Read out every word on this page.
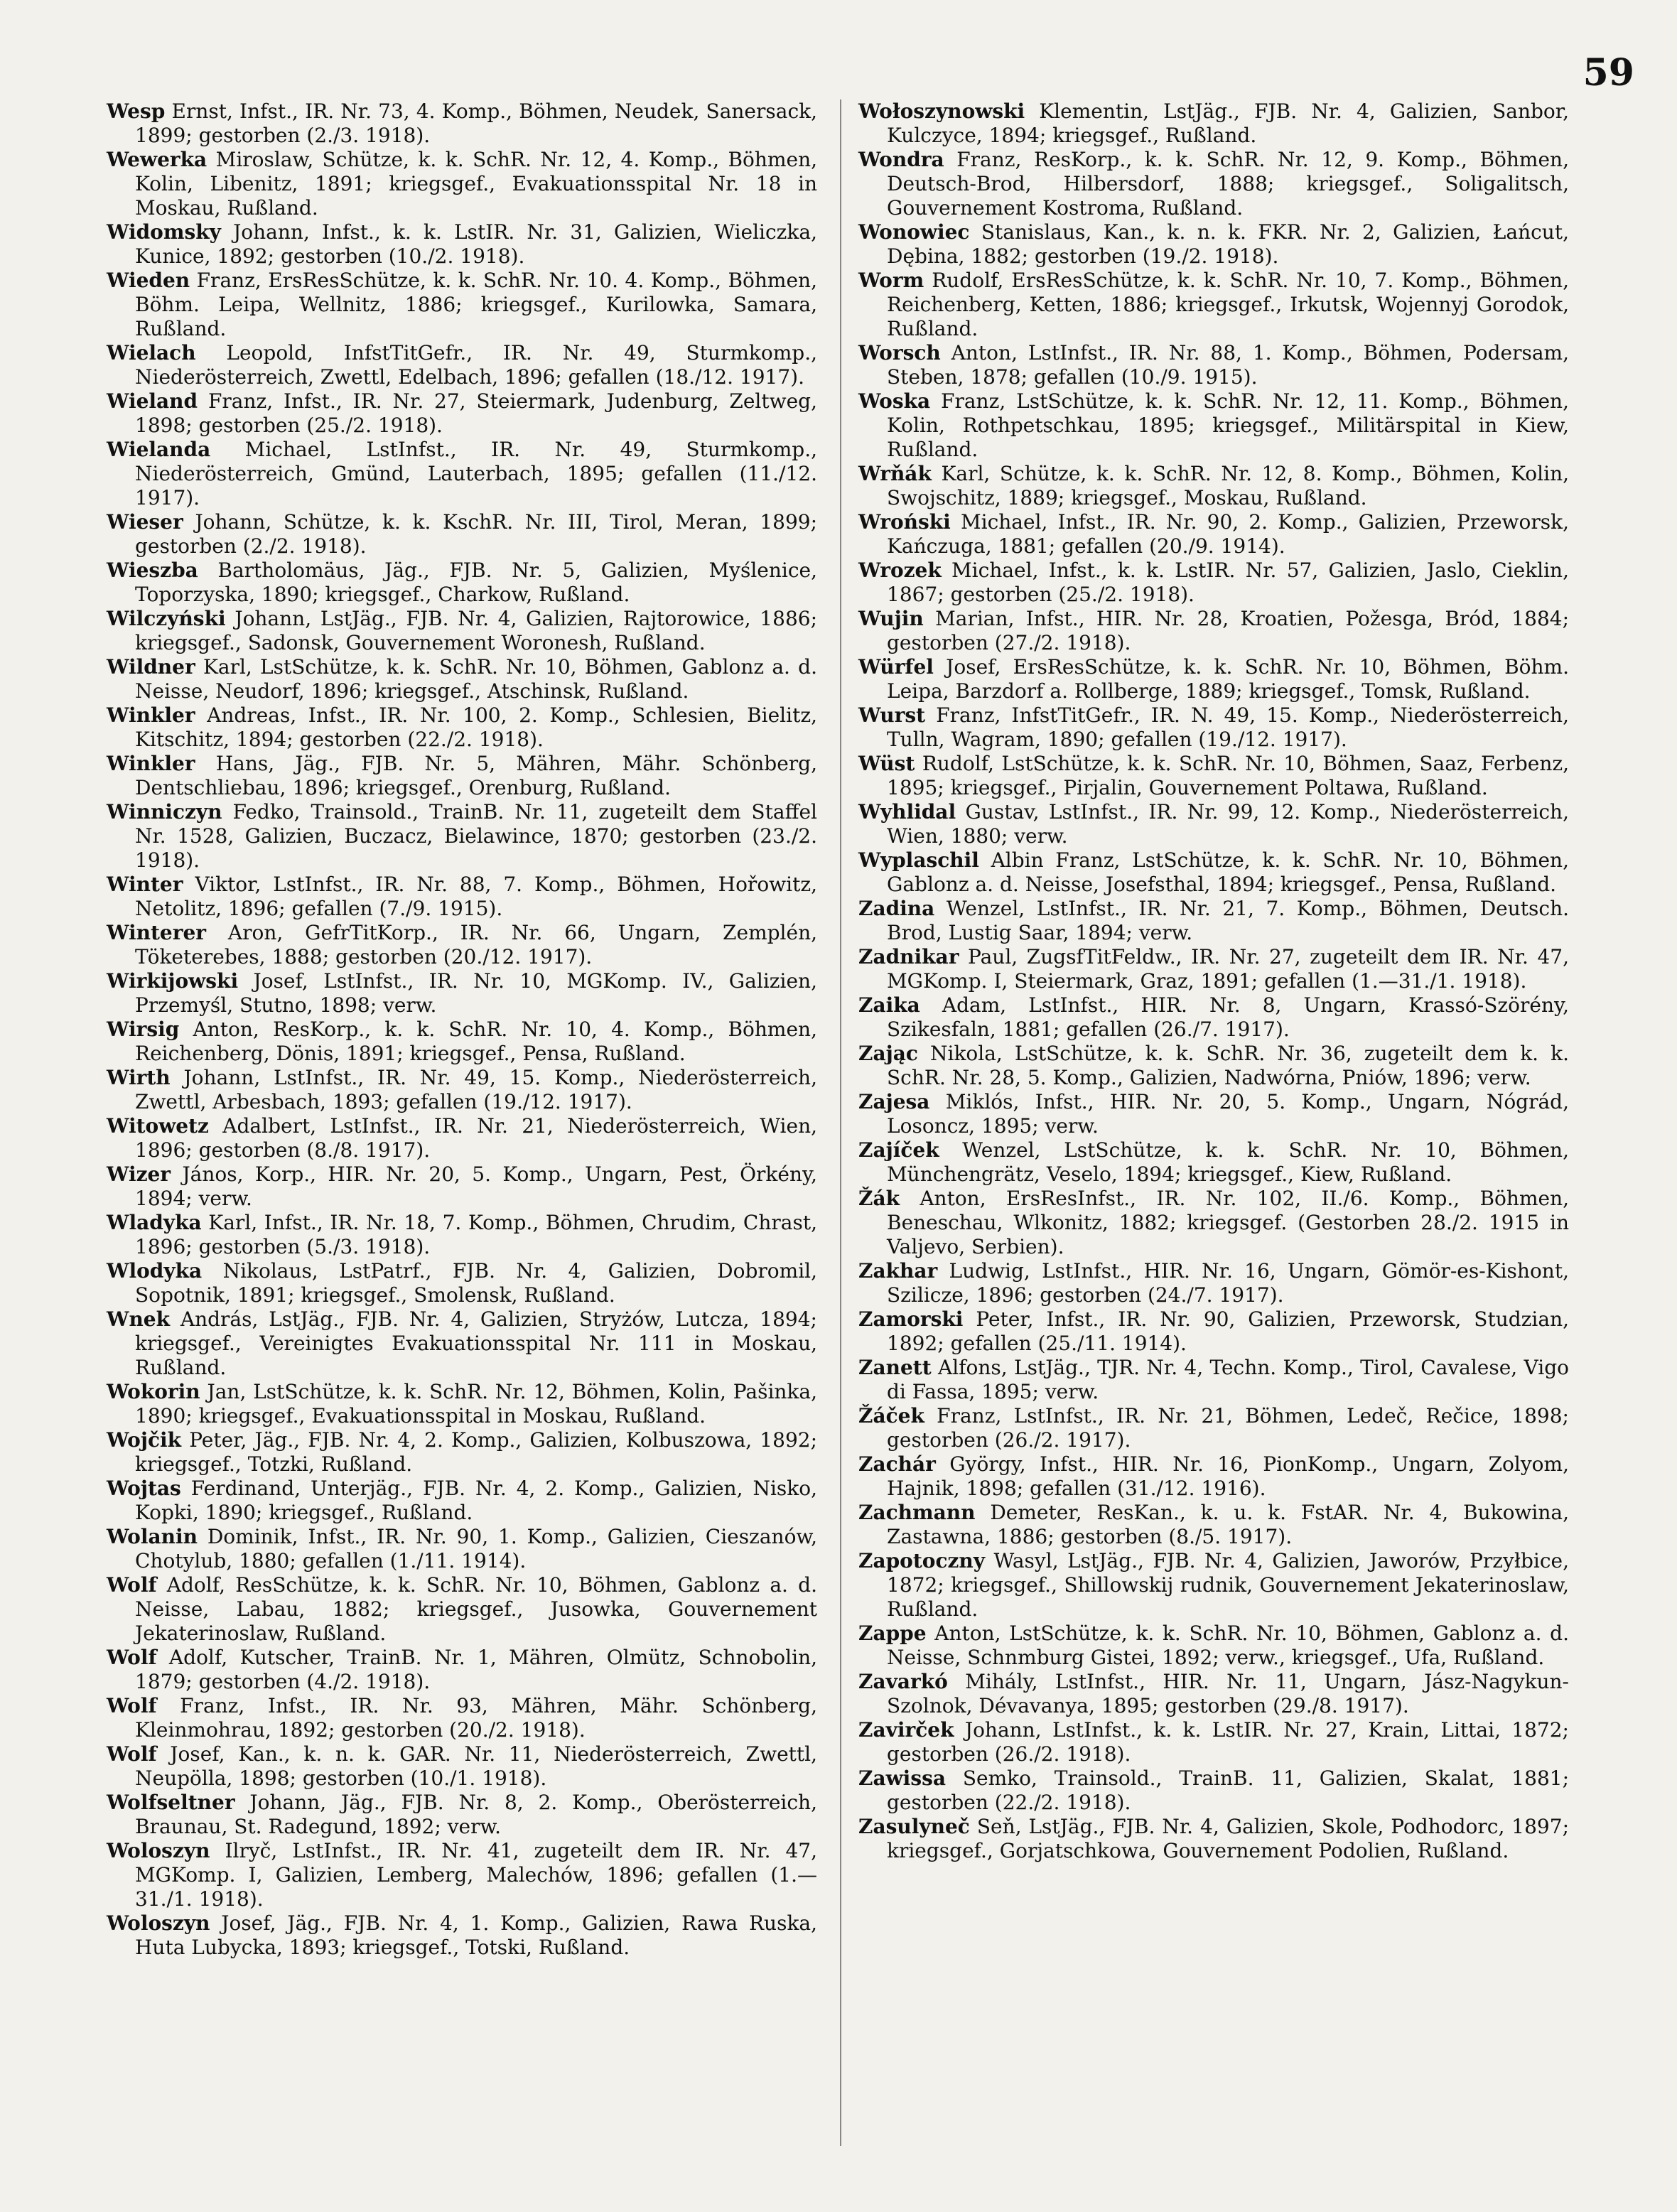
59
Wesp Ernst, Infst., IR. Nr. 73, 4. Komp., Böhmen, Neudek, Sanersack, 1899; gestorben (2./3. 1918).
Wewerka Miroslaw, Schütze, k. k. SchR. Nr. 12, 4. Komp., Böhmen, Kolin, Libenitz, 1891; kriegsgef., Evakuationsspital Nr. 18 in Moskau, Rußland.
Widomsky Johann, Infst., k. k. LstIR. Nr. 31, Galizien, Wieliczka, Kunice, 1892; gestorben (10./2. 1918).
Wieden Franz, ErsResSchütze, k. k. SchR. Nr. 10. 4. Komp., Böhmen, Böhm. Leipa, Wellnitz, 1886; kriegsgef., Kurilowka, Samara, Rußland.
Wielach Leopold, InfstTitGefr., IR. Nr. 49, Sturmkomp., Niederösterreich, Zwettl, Edelbach, 1896; gefallen (18./12. 1917).
Wieland Franz, Infst., IR. Nr. 27, Steiermark, Judenburg, Zeltweg, 1898; gestorben (25./2. 1918).
Wielanda Michael, LstInfst., IR. Nr. 49, Sturmkomp., Niederösterreich, Gmünd, Lauterbach, 1895; gefallen (11./12. 1917).
Wieser Johann, Schütze, k. k. KschR. Nr. III, Tirol, Meran, 1899; gestorben (2./2. 1918).
Wieszba Bartholomäus, Jäg., FJB. Nr. 5, Galizien, Myślenice, Toporzyska, 1890; kriegsgef., Charkow, Rußland.
Wilczyński Johann, LstJäg., FJB. Nr. 4, Galizien, Rajtorowice, 1886; kriegsgef., Sadonsk, Gouvernement Woronesh, Rußland.
Wildner Karl, LstSchütze, k. k. SchR. Nr. 10, Böhmen, Gablonz a. d. Neisse, Neudorf, 1896; kriegsgef., Atschinsk, Rußland.
Winkler Andreas, Infst., IR. Nr. 100, 2. Komp., Schlesien, Bielitz, Kitschitz, 1894; gestorben (22./2. 1918).
Winkler Hans, Jäg., FJB. Nr. 5, Mähren, Mähr. Schönberg, Dentschliebau, 1896; kriegsgef., Orenburg, Rußland.
Winniczyn Fedko, Trainsold., TrainB. Nr. 11, zugeteilt dem Staffel Nr. 1528, Galizien, Buczacz, Bielawince, 1870; gestorben (23./2. 1918).
Winter Viktor, LstInfst., IR. Nr. 88, 7. Komp., Böhmen, Hořowitz, Netolitz, 1896; gefallen (7./9. 1915).
Winterer Aron, GefrTitKorp., IR. Nr. 66, Ungarn, Zemplén, Töketerebes, 1888; gestorben (20./12. 1917).
Wirkijowski Josef, LstInfst., IR. Nr. 10, MGKomp. IV., Galizien, Przemyśl, Stutno, 1898; verw.
Wirsig Anton, ResKorp., k. k. SchR. Nr. 10, 4. Komp., Böhmen, Reichenberg, Dönis, 1891; kriegsgef., Pensa, Rußland.
Wirth Johann, LstInfst., IR. Nr. 49, 15. Komp., Niederösterreich, Zwettl, Arbesbach, 1893; gefallen (19./12. 1917).
Witowetz Adalbert, LstInfst., IR. Nr. 21, Niederösterreich, Wien, 1896; gestorben (8./8. 1917).
Wizer János, Korp., HIR. Nr. 20, 5. Komp., Ungarn, Pest, Örkény, 1894; verw.
Wladyka Karl, Infst., IR. Nr. 18, 7. Komp., Böhmen, Chrudim, Chrast, 1896; gestorben (5./3. 1918).
Wlodyka Nikolaus, LstPatrf., FJB. Nr. 4, Galizien, Dobromil, Sopotnik, 1891; kriegsgef., Smolensk, Rußland.
Wnek András, LstJäg., FJB. Nr. 4, Galizien, Stryżów, Lutcza, 1894; kriegsgef., Vereinigtes Evakuationsspital Nr. 111 in Moskau, Rußland.
Wokorin Jan, LstSchütze, k. k. SchR. Nr. 12, Böhmen, Kolin, Pašinka, 1890; kriegsgef., Evakuationsspital in Moskau, Rußland.
Wojčik Peter, Jäg., FJB. Nr. 4, 2. Komp., Galizien, Kolbuszowa, 1892; kriegsgef., Totzki, Rußland.
Wojtas Ferdinand, Unterjäg., FJB. Nr. 4, 2. Komp., Galizien, Nisko, Kopki, 1890; kriegsgef., Rußland.
Wolanin Dominik, Infst., IR. Nr. 90, 1. Komp., Galizien, Cieszanów, Chotylub, 1880; gefallen (1./11. 1914).
Wolf Adolf, ResSchütze, k. k. SchR. Nr. 10, Böhmen, Gablonz a. d. Neisse, Labau, 1882; kriegsgef., Jusowka, Gouvernement Jekaterinoslaw, Rußland.
Wolf Adolf, Kutscher, TrainB. Nr. 1, Mähren, Olmütz, Schnobolin, 1879; gestorben (4./2. 1918).
Wolf Franz, Infst., IR. Nr. 93, Mähren, Mähr. Schönberg, Kleinmohrau, 1892; gestorben (20./2. 1918).
Wolf Josef, Kan., k. n. k. GAR. Nr. 11, Niederösterreich, Zwettl, Neupölla, 1898; gestorben (10./1. 1918).
Wolfseltner Johann, Jäg., FJB. Nr. 8, 2. Komp., Oberösterreich, Braunau, St. Radegund, 1892; verw.
Woloszyn Ilryč, LstInfst., IR. Nr. 41, zugeteilt dem IR. Nr. 47, MGKomp. I, Galizien, Lemberg, Malechów, 1896; gefallen (1.—31./1. 1918).
Woloszyn Josef, Jäg., FJB. Nr. 4, 1. Komp., Galizien, Rawa Ruska, Huta Lubycka, 1893; kriegsgef., Totski, Rußland.
Wołoszynowski Klementin, LstJäg., FJB. Nr. 4, Galizien, Sanbor, Kulczyce, 1894; kriegsgef., Rußland.
Wondra Franz, ResKorp., k. k. SchR. Nr. 12, 9. Komp., Böhmen, Deutsch-Brod, Hilbersdorf, 1888; kriegsgef., Soligalitsch, Gouvernement Kostroma, Rußland.
Wonowiec Stanislaus, Kan., k. n. k. FKR. Nr. 2, Galizien, Łańcut, Dębina, 1882; gestorben (19./2. 1918).
Worm Rudolf, ErsResSchütze, k. k. SchR. Nr. 10, 7. Komp., Böhmen, Reichenberg, Ketten, 1886; kriegsgef., Irkutsk, Wojennyj Gorodok, Rußland.
Worsch Anton, LstInfst., IR. Nr. 88, 1. Komp., Böhmen, Podersam, Steben, 1878; gefallen (10./9. 1915).
Woska Franz, LstSchütze, k. k. SchR. Nr. 12, 11. Komp., Böhmen, Kolin, Rothpetschkau, 1895; kriegsgef., Militärspital in Kiew, Rußland.
Wrňák Karl, Schütze, k. k. SchR. Nr. 12, 8. Komp., Böhmen, Kolin, Swojschitz, 1889; kriegsgef., Moskau, Rußland.
Wroński Michael, Infst., IR. Nr. 90, 2. Komp., Galizien, Przeworsk, Kańczuga, 1881; gefallen (20./9. 1914).
Wrozek Michael, Infst., k. k. LstIR. Nr. 57, Galizien, Jaslo, Cieklin, 1867; gestorben (25./2. 1918).
Wujin Marian, Infst., HIR. Nr. 28, Kroatien, Požesga, Bród, 1884; gestorben (27./2. 1918).
Würfel Josef, ErsResSchütze, k. k. SchR. Nr. 10, Böhmen, Böhm. Leipa, Barzdorf a. Rollberge, 1889; kriegsgef., Tomsk, Rußland.
Wurst Franz, InfstTitGefr., IR. N. 49, 15. Komp., Niederösterreich, Tulln, Wagram, 1890; gefallen (19./12. 1917).
Wüst Rudolf, LstSchütze, k. k. SchR. Nr. 10, Böhmen, Saaz, Ferbenz, 1895; kriegsgef., Pirjalin, Gouvernement Poltawa, Rußland.
Wyhlidal Gustav, LstInfst., IR. Nr. 99, 12. Komp., Niederösterreich, Wien, 1880; verw.
Wyplaschil Albin Franz, LstSchütze, k. k. SchR. Nr. 10, Böhmen, Gablonz a. d. Neisse, Josefsthal, 1894; kriegsgef., Pensa, Rußland.
Zadina Wenzel, LstInfst., IR. Nr. 21, 7. Komp., Böhmen, Deutsch. Brod, Lustig Saar, 1894; verw.
Zadnikar Paul, ZugsfTitFeldw., IR. Nr. 27, zugeteilt dem IR. Nr. 47, MGKomp. I, Steiermark, Graz, 1891; gefallen (1.—31./1. 1918).
Zaika Adam, LstInfst., HIR. Nr. 8, Ungarn, Krassó-Szörény, Szikesfaln, 1881; gefallen (26./7. 1917).
Zając Nikola, LstSchütze, k. k. SchR. Nr. 36, zugeteilt dem k. k. SchR. Nr. 28, 5. Komp., Galizien, Nadwórna, Pniów, 1896; verw.
Zajesa Miklós, Infst., HIR. Nr. 20, 5. Komp., Ungarn, Nógrád, Losoncz, 1895; verw.
Zajíček Wenzel, LstSchütze, k. k. SchR. Nr. 10, Böhmen, Münchengrätz, Veselo, 1894; kriegsgef., Kiew, Rußland.
Žák Anton, ErsResInfst., IR. Nr. 102, II./6. Komp., Böhmen, Beneschau, Wlkonitz, 1882; kriegsgef. (Gestorben 28./2. 1915 in Valjevo, Serbien).
Zakhar Ludwig, LstInfst., HIR. Nr. 16, Ungarn, Gömör-es-Kishont, Szilicze, 1896; gestorben (24./7. 1917).
Zamorski Peter, Infst., IR. Nr. 90, Galizien, Przeworsk, Studzian, 1892; gefallen (25./11. 1914).
Zanett Alfons, LstJäg., TJR. Nr. 4, Techn. Komp., Tirol, Cavalese, Vigo di Fassa, 1895; verw.
Žáček Franz, LstInfst., IR. Nr. 21, Böhmen, Ledeč, Rečice, 1898; gestorben (26./2. 1917).
Zachár György, Infst., HIR. Nr. 16, PionKomp., Ungarn, Zolyom, Hajnik, 1898; gefallen (31./12. 1916).
Zachmann Demeter, ResKan., k. u. k. FstAR. Nr. 4, Bukowina, Zastawna, 1886; gestorben (8./5. 1917).
Zapotoczny Wasyl, LstJäg., FJB. Nr. 4, Galizien, Jaworów, Przyłbice, 1872; kriegsgef., Shillowskij rudnik, Gouvernement Jekaterinoslaw, Rußland.
Zappe Anton, LstSchütze, k. k. SchR. Nr. 10, Böhmen, Gablonz a. d. Neisse, Schnmburg Gistei, 1892; verw., kriegsgef., Ufa, Rußland.
Zavarkó Mihály, LstInfst., HIR. Nr. 11, Ungarn, Jász-Nagykun-Szolnok, Dévavanya, 1895; gestorben (29./8. 1917).
Zavirček Johann, LstInfst., k. k. LstIR. Nr. 27, Krain, Littai, 1872; gestorben (26./2. 1918).
Zawissa Semko, Trainsold., TrainB. 11, Galizien, Skalat, 1881; gestorben (22./2. 1918).
Zasulyneč Seň, LstJäg., FJB. Nr. 4, Galizien, Skole, Podhodorc, 1897; kriegsgef., Gorjatschkowa, Gouvernement Podolien, Rußland.
